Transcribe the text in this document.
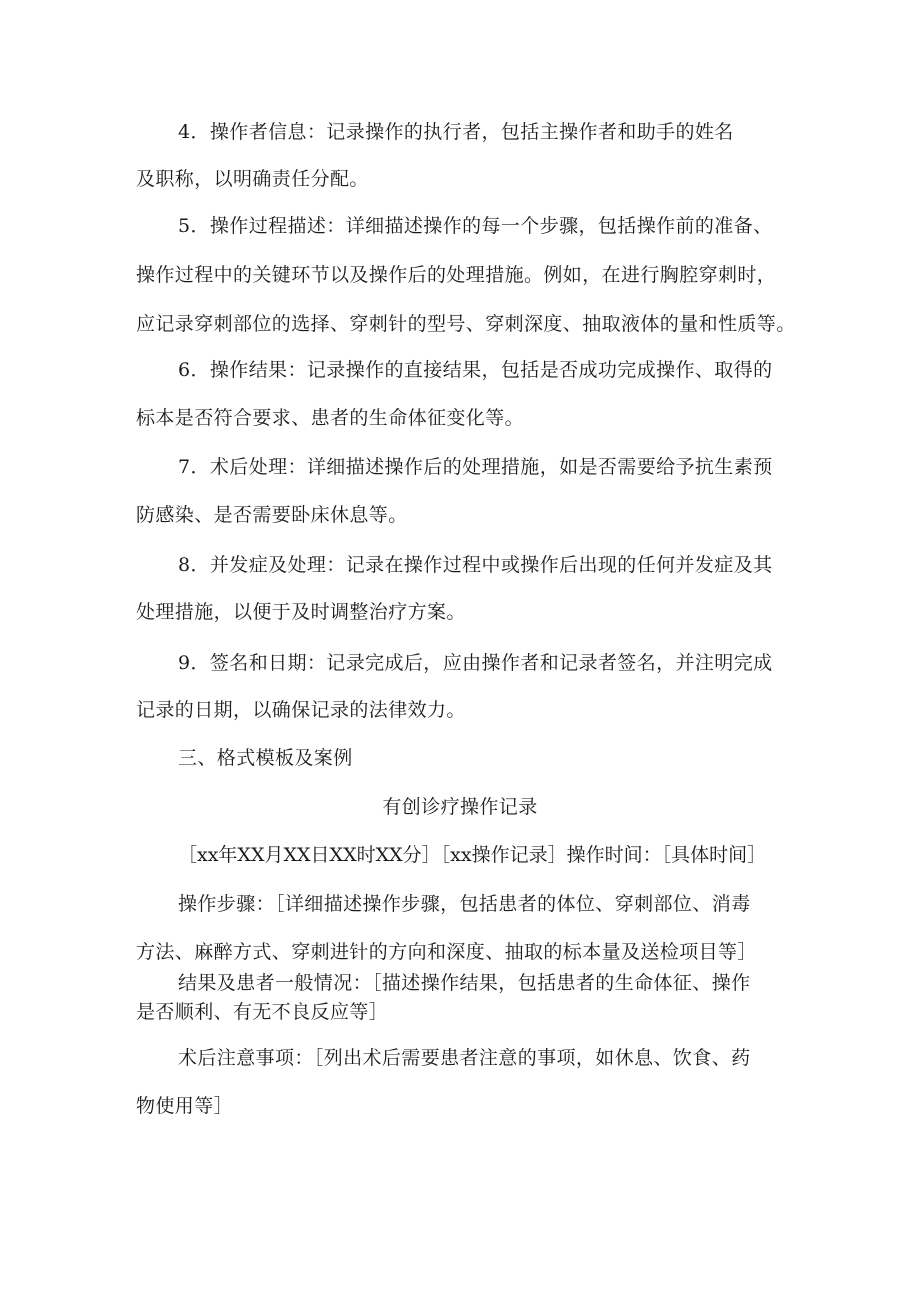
4．操作者信息：记录操作的执行者，包括主操作者和助手的姓名
及职称，以明确责任分配。
5．操作过程描述：详细描述操作的每一个步骤，包括操作前的准备、
操作过程中的关键环节以及操作后的处理措施。例如，在进行胸腔穿刺时，
应记录穿刺部位的选择、穿刺针的型号、穿刺深度、抽取液体的量和性质等。
6．操作结果：记录操作的直接结果，包括是否成功完成操作、取得的
标本是否符合要求、患者的生命体征变化等。
7．术后处理：详细描述操作后的处理措施，如是否需要给予抗生素预
防感染、是否需要卧床休息等。
8．并发症及处理：记录在操作过程中或操作后出现的任何并发症及其
处理措施，以便于及时调整治疗方案。
9．签名和日期：记录完成后，应由操作者和记录者签名，并注明完成
记录的日期，以确保记录的法律效力。
三、格式模板及案例
有创诊疗操作记录
［xx年XX月XX日XX时XX分］［xx操作记录］操作时间：［具体时间］
操作步骤：［详细描述操作步骤，包括患者的体位、穿刺部位、消毒
方法、麻醉方式、穿刺进针的方向和深度、抽取的标本量及送检项目等］
结果及患者一般情况：［描述操作结果，包括患者的生命体征、操作
是否顺利、有无不良反应等］
术后注意事项：［列出术后需要患者注意的事项，如休息、饮食、药
物使用等］
